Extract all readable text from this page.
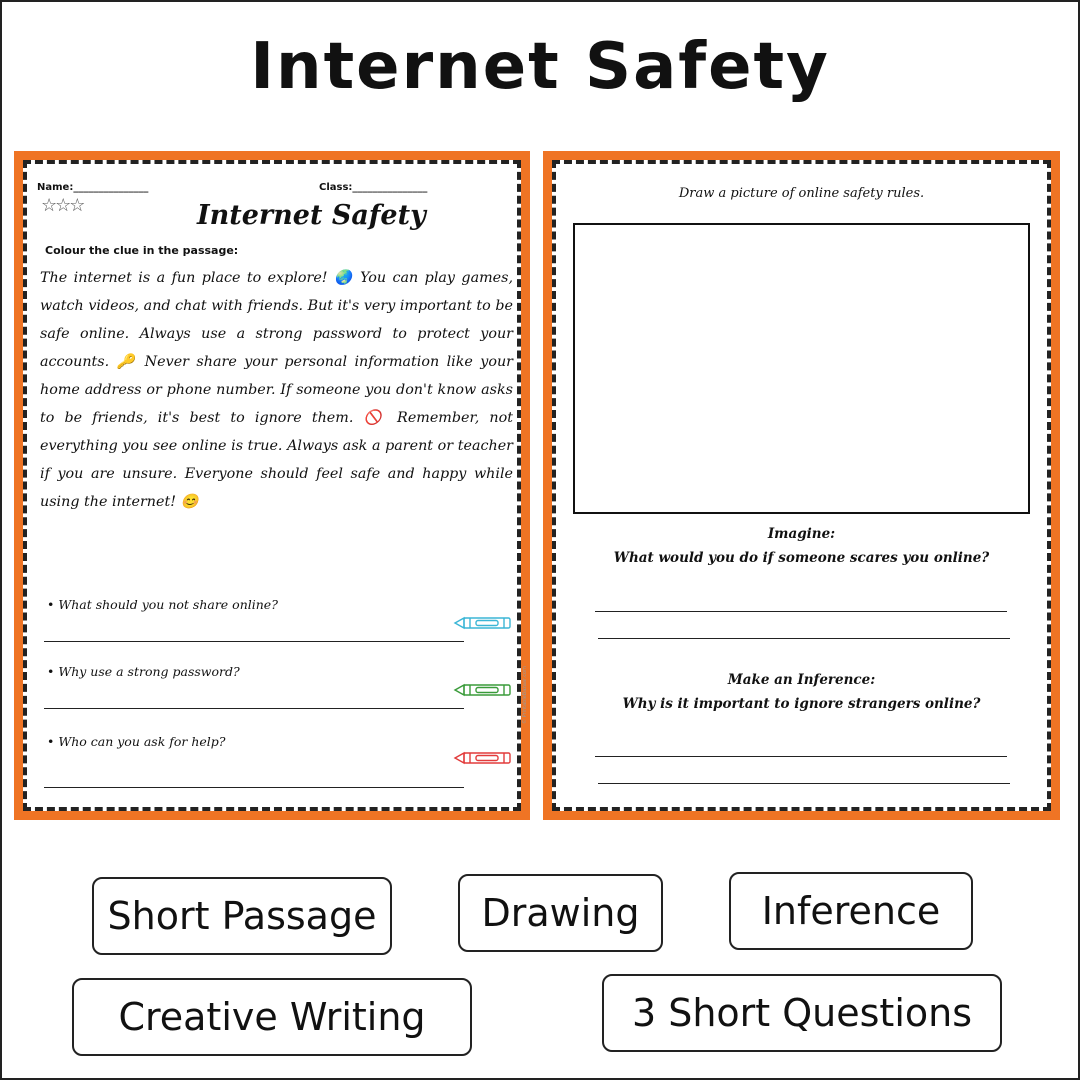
Internet Safety
Name:_______________	Class:_______________
☆☆☆	Internet Safety
Colour the clue in the passage:
The internet is a fun place to explore! 🌏 You can play games, watch videos, and chat with friends. But it's very important to be safe online. Always use a strong password to protect your accounts. 🔑 Never share your personal information like your home address or phone number. If someone you don't know asks to be friends, it's best to ignore them. 🚫 Remember, not everything you see online is true. Always ask a parent or teacher if you are unsure. Everyone should feel safe and happy while using the internet! 😊
• What should you not share online?
• Why use a strong password?
• Who can you ask for help?
© PrintableBazaar.com
Draw a picture of online safety rules.
Imagine:
What would you do if someone scares you online?
Make an Inference:
Why is it important to ignore strangers online?
Short Passage	Drawing	Inference
Creative Writing	3 Short Questions
